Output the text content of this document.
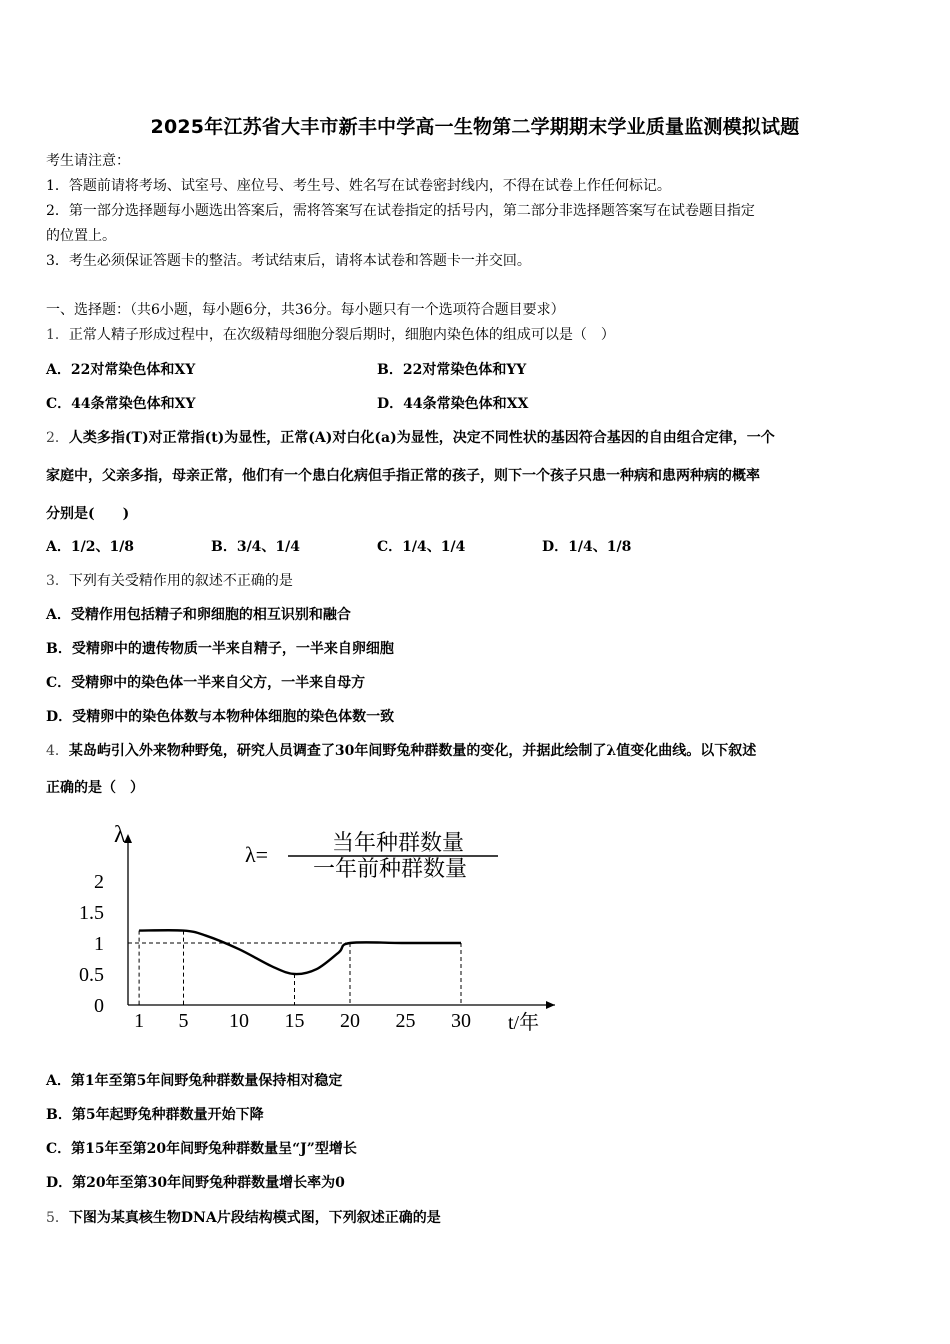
2025年江苏省大丰市新丰中学高一生物第二学期期末学业质量监测模拟试题
考生请注意：
1．答题前请将考场、试室号、座位号、考生号、姓名写在试卷密封线内，不得在试卷上作任何标记。
2．第一部分选择题每小题选出答案后，需将答案写在试卷指定的括号内，第二部分非选择题答案写在试卷题目指定
的位置上。
3．考生必须保证答题卡的整洁。考试结束后，请将本试卷和答题卡一并交回。
一、选择题：（共6小题，每小题6分，共36分。每小题只有一个选项符合题目要求）
1．正常人精子形成过程中，在次级精母细胞分裂后期时，细胞内染色体的组成可以是（　）
A．22对常染色体和XY	B．22对常染色体和YY
C．44条常染色体和XY	D．44条常染色体和XX
2．人类多指(T)对正常指(t)为显性，正常(A)对白化(a)为显性，决定不同性状的基因符合基因的自由组合定律，一个
家庭中，父亲多指，母亲正常，他们有一个患白化病但手指正常的孩子，则下一个孩子只患一种病和患两种病的概率
分别是(　　)
A．1/2、1/8	B．3/4、1/4	C．1/4、1/4	D．1/4、1/8
3．下列有关受精作用的叙述不正确的是
A．受精作用包括精子和卵细胞的相互识别和融合
B．受精卵中的遗传物质一半来自精子，一半来自卵细胞
C．受精卵中的染色体一半来自父方，一半来自母方
D．受精卵中的染色体数与本物种体细胞的染色体数一致
4．某岛屿引入外来物种野兔，研究人员调查了30年间野兔种群数量的变化，并据此绘制了λ值变化曲线。以下叙述
正确的是（　）
λ
0
0.5
1
1.5
2
1 5 10 15 20 25 30 t/年
λ=	当年种群数量
一年前种群数量
A．第1年至第5年间野兔种群数量保持相对稳定
B．第5年起野兔种群数量开始下降
C．第15年至第20年间野兔种群数量呈“J”型增长
D．第20年至第30年间野兔种群数量增长率为0
5．下图为某真核生物DNA片段结构模式图，下列叙述正确的是
